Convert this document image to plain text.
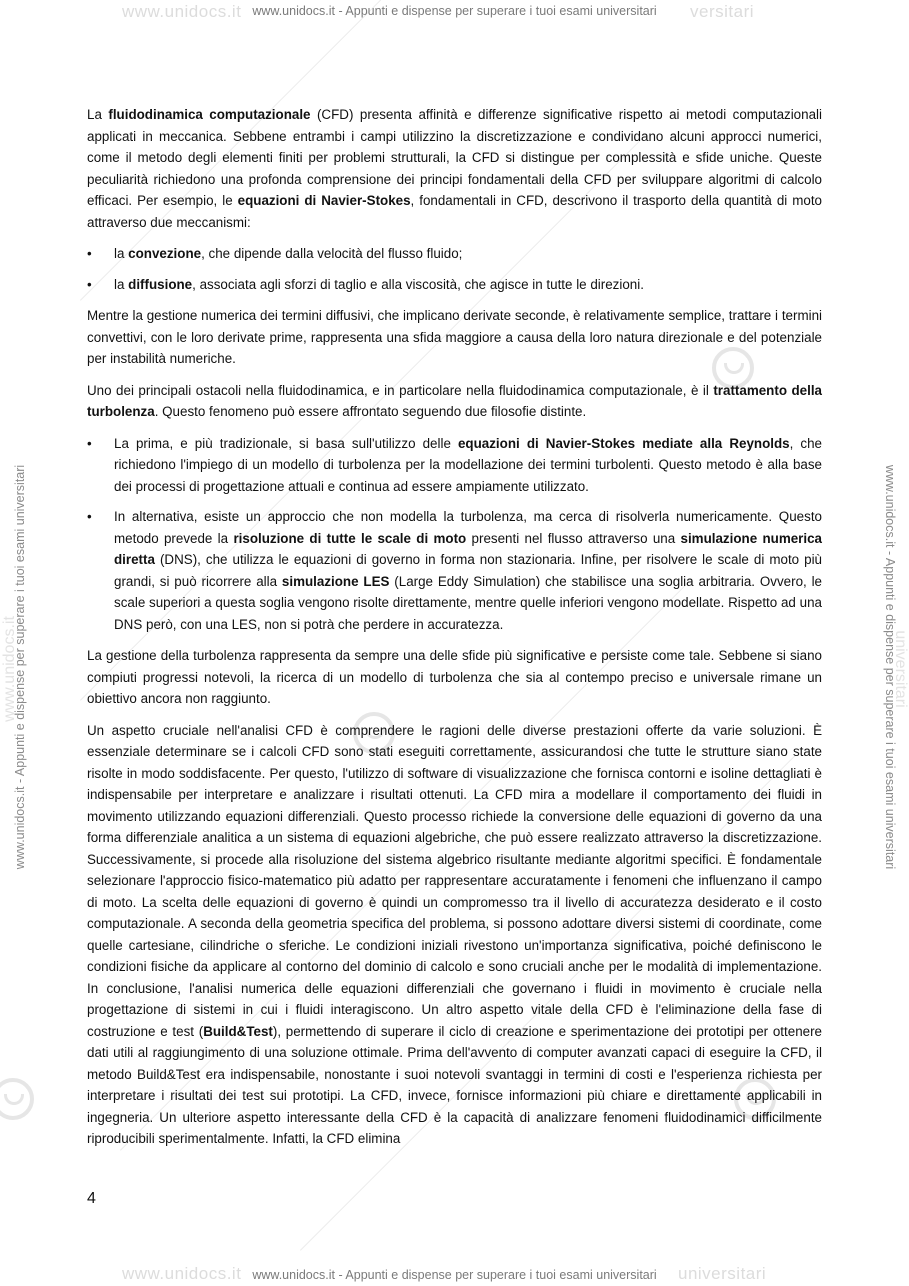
www.unidocs.it	versitari
www.unidocs.it - Appunti e dispense per superare i tuoi esami universitari
www.unidocs.it	universitari
www.unidocs.it - Appunti e dispense per superare i tuoi esami universitari
www.unidocs.it
www.unidocs.it - Appunti e dispense per superare i tuoi esami universitari	universitari
www.unidocs.it - Appunti e dispense per superare i tuoi esami universitari

La fluidodinamica computazionale (CFD) presenta affinità e differenze significative rispetto ai metodi computazionali applicati in meccanica. Sebbene entrambi i campi utilizzino la discretizzazione e condividano alcuni approcci numerici, come il metodo degli elementi finiti per problemi strutturali, la CFD si distingue per complessità e sfide uniche. Queste peculiarità richiedono una profonda comprensione dei principi fondamentali della CFD per sviluppare algoritmi di calcolo efficaci. Per esempio, le equazioni di Navier-Stokes, fondamentali in CFD, descrivono il trasporto della quantità di moto attraverso due meccanismi:

• la convezione, che dipende dalla velocità del flusso fluido;
• la diffusione, associata agli sforzi di taglio e alla viscosità, che agisce in tutte le direzioni.

Mentre la gestione numerica dei termini diffusivi, che implicano derivate seconde, è relativamente semplice, trattare i termini convettivi, con le loro derivate prime, rappresenta una sfida maggiore a causa della loro natura direzionale e del potenziale per instabilità numeriche.

Uno dei principali ostacoli nella fluidodinamica, e in particolare nella fluidodinamica computazionale, è il trattamento della turbolenza. Questo fenomeno può essere affrontato seguendo due filosofie distinte.

• La prima, e più tradizionale, si basa sull'utilizzo delle equazioni di Navier-Stokes mediate alla Reynolds, che richiedono l'impiego di un modello di turbolenza per la modellazione dei termini turbolenti. Questo metodo è alla base dei processi di progettazione attuali e continua ad essere ampiamente utilizzato.
• In alternativa, esiste un approccio che non modella la turbolenza, ma cerca di risolverla numericamente. Questo metodo prevede la risoluzione di tutte le scale di moto presenti nel flusso attraverso una simulazione numerica diretta (DNS), che utilizza le equazioni di governo in forma non stazionaria. Infine, per risolvere le scale di moto più grandi, si può ricorrere alla simulazione LES (Large Eddy Simulation) che stabilisce una soglia arbitraria. Ovvero, le scale superiori a questa soglia vengono risolte direttamente, mentre quelle inferiori vengono modellate. Rispetto ad una DNS però, con una LES, non si potrà che perdere in accuratezza.

La gestione della turbolenza rappresenta da sempre una delle sfide più significative e persiste come tale. Sebbene si siano compiuti progressi notevoli, la ricerca di un modello di turbolenza che sia al contempo preciso e universale rimane un obiettivo ancora non raggiunto.

Un aspetto cruciale nell'analisi CFD è comprendere le ragioni delle diverse prestazioni offerte da varie soluzioni. È essenziale determinare se i calcoli CFD sono stati eseguiti correttamente, assicurandosi che tutte le strutture siano state risolte in modo soddisfacente. Per questo, l'utilizzo di software di visualizzazione che fornisca contorni e isoline dettagliati è indispensabile per interpretare e analizzare i risultati ottenuti. La CFD mira a modellare il comportamento dei fluidi in movimento utilizzando equazioni differenziali. Questo processo richiede la conversione delle equazioni di governo da una forma differenziale analitica a un sistema di equazioni algebriche, che può essere realizzato attraverso la discretizzazione. Successivamente, si procede alla risoluzione del sistema algebrico risultante mediante algoritmi specifici. È fondamentale selezionare l'approccio fisico-matematico più adatto per rappresentare accuratamente i fenomeni che influenzano il campo di moto. La scelta delle equazioni di governo è quindi un compromesso tra il livello di accuratezza desiderato e il costo computazionale. A seconda della geometria specifica del problema, si possono adottare diversi sistemi di coordinate, come quelle cartesiane, cilindriche o sferiche. Le condizioni iniziali rivestono un'importanza significativa, poiché definiscono le condizioni fisiche da applicare al contorno del dominio di calcolo e sono cruciali anche per le modalità di implementazione. In conclusione, l'analisi numerica delle equazioni differenziali che governano i fluidi in movimento è cruciale nella progettazione di sistemi in cui i fluidi interagiscono. Un altro aspetto vitale della CFD è l'eliminazione della fase di costruzione e test (Build&Test), permettendo di superare il ciclo di creazione e sperimentazione dei prototipi per ottenere dati utili al raggiungimento di una soluzione ottimale. Prima dell'avvento di computer avanzati capaci di eseguire la CFD, il metodo Build&Test era indispensabile, nonostante i suoi notevoli svantaggi in termini di costi e l'esperienza richiesta per interpretare i risultati dei test sui prototipi. La CFD, invece, fornisce informazioni più chiare e direttamente applicabili in ingegneria. Un ulteriore aspetto interessante della CFD è la capacità di analizzare fenomeni fluidodinamici difficilmente riproducibili sperimentalmente. Infatti, la CFD elimina

4
